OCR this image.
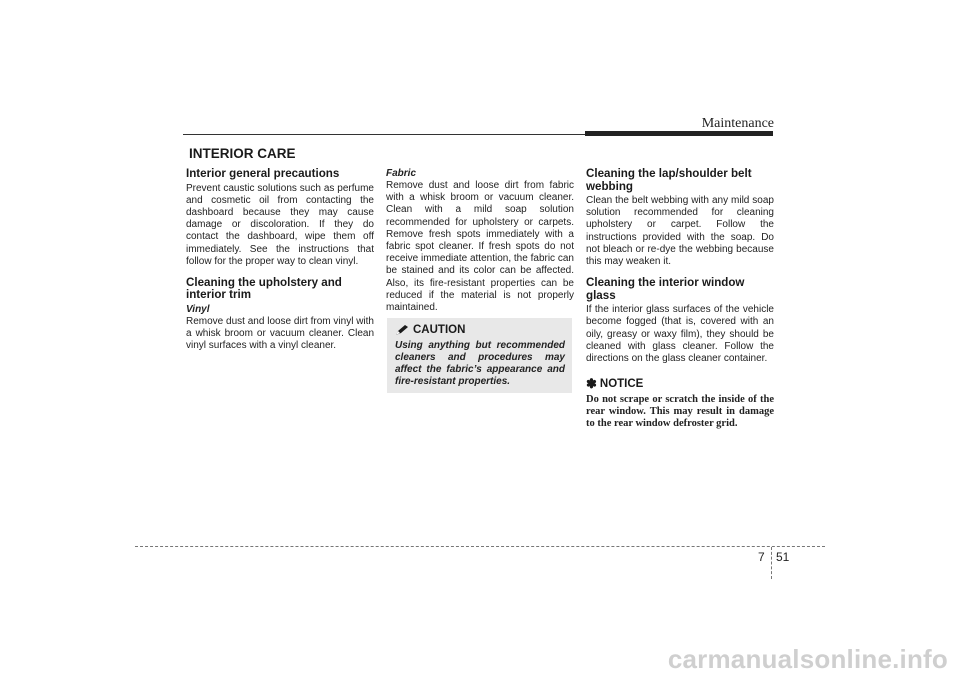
Maintenance
INTERIOR CARE
Interior general precautions

Prevent caustic solutions such as perfume and cosmetic oil from contacting the dashboard because they may cause damage or discoloration. If they do contact the dashboard, wipe them off immediately. See the instructions that follow for the proper way to clean vinyl.

Cleaning the upholstery and interior trim
Vinyl

Remove dust and loose dirt from vinyl with a whisk broom or vacuum cleaner. Clean vinyl surfaces with a vinyl cleaner.

Fabric

Remove dust and loose dirt from fabric with a whisk broom or vacuum cleaner. Clean with a mild soap solution recommended for upholstery or carpets. Remove fresh spots immediately with a fabric spot cleaner. If fresh spots do not receive immediate attention, the fabric can be stained and its color can be affected. Also, its fire-resistant properties can be reduced if the material is not properly maintained.

CAUTION
Using anything but recommended cleaners and procedures may affect the fabric’s appearance and fire-resistant properties.
Cleaning the lap/shoulder belt webbing

Clean the belt webbing with any mild soap solution recommended for cleaning upholstery or carpet. Follow the instructions provided with the soap. Do not bleach or re-dye the webbing because this may weaken it.

Cleaning the interior window glass

If the interior glass surfaces of the vehicle become fogged (that is, covered with an oily, greasy or waxy film), they should be cleaned with glass cleaner. Follow the directions on the glass cleaner container.

✽ NOTICE

Do not scrape or scratch the inside of the rear window. This may result in damage to the rear window defroster grid.

7 51
carmanualsonline.info
